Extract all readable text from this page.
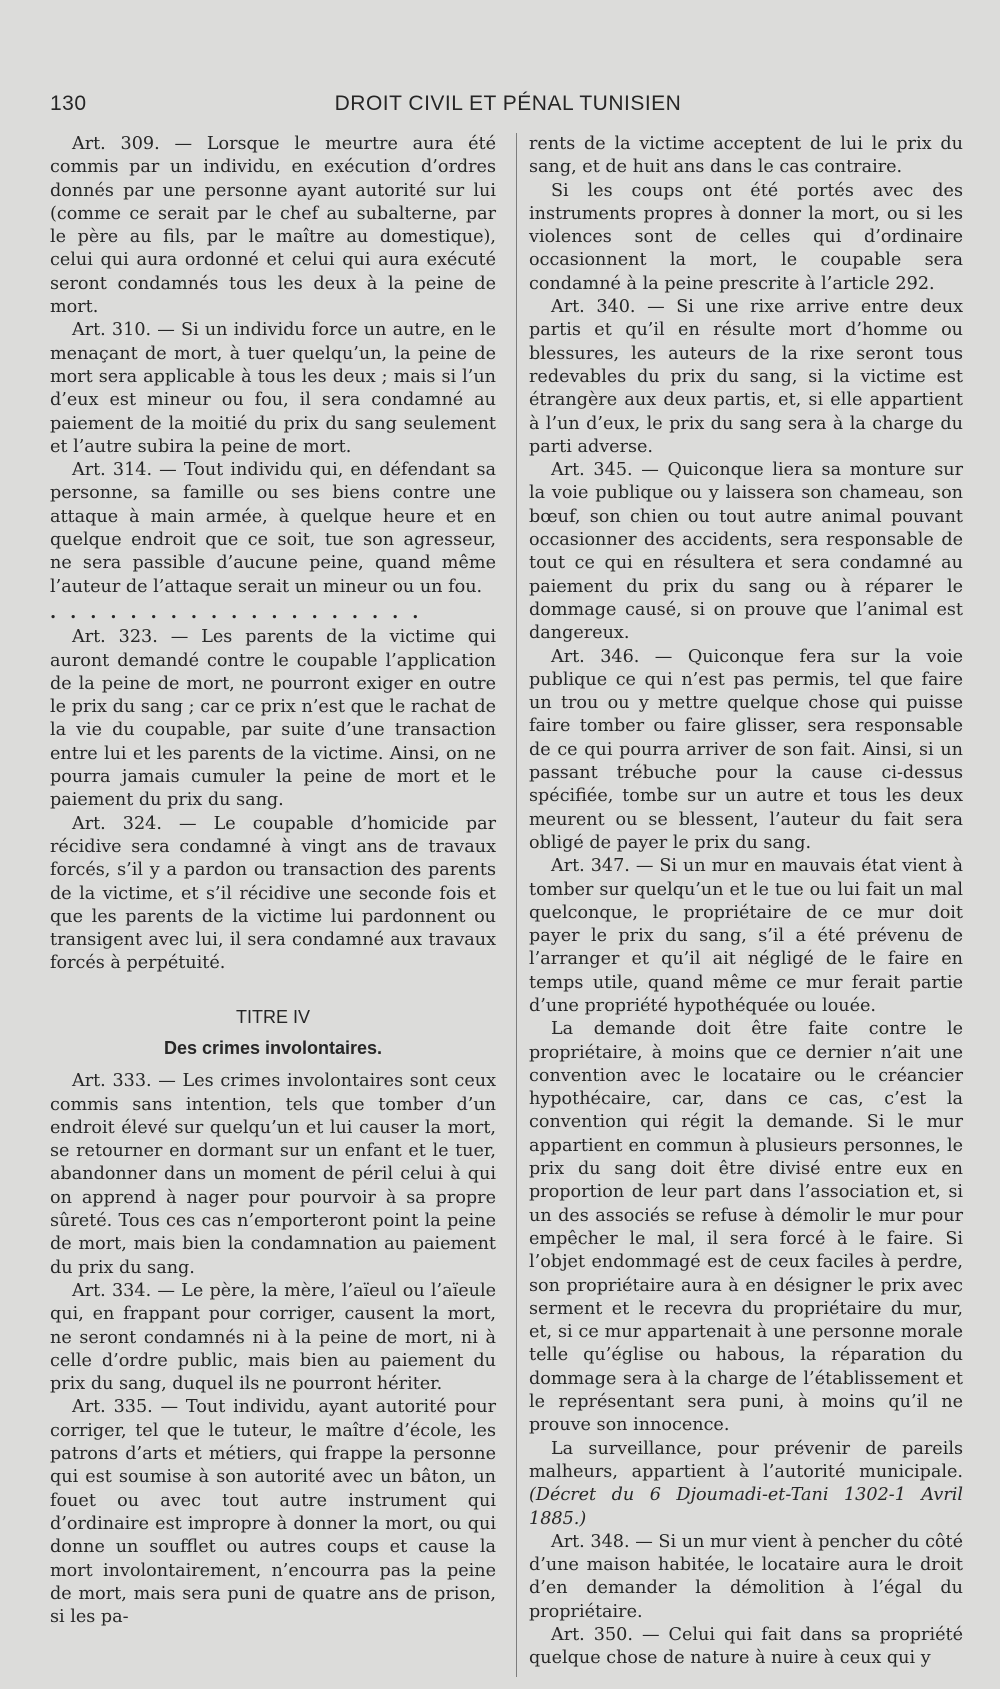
130	DROIT CIVIL ET PÉNAL TUNISIEN

Art. 309. — Lorsque le meurtre aura été commis par un individu, en exécution d’ordres donnés par une personne ayant autorité sur lui (comme ce serait par le chef au subalterne, par le père au fils, par le maître au domestique), celui qui aura ordonné et celui qui aura exécuté seront condamnés tous les deux à la peine de mort.

Art. 310. — Si un individu force un autre, en le menaçant de mort, à tuer quelqu’un, la peine de mort sera applicable à tous les deux ; mais si l’un d’eux est mineur ou fou, il sera condamné au paiement de la moitié du prix du sang seulement et l’autre subira la peine de mort.

Art. 314. — Tout individu qui, en défendant sa personne, sa famille ou ses biens contre une attaque à main armée, à quelque heure et en quelque endroit que ce soit, tue son agresseur, ne sera passible d’aucune peine, quand même l’auteur de l’attaque serait un mineur ou un fou.

...................

Art. 323. — Les parents de la victime qui auront demandé contre le coupable l’application de la peine de mort, ne pourront exiger en outre le prix du sang ; car ce prix n’est que le rachat de la vie du coupable, par suite d’une transaction entre lui et les parents de la victime. Ainsi, on ne pourra jamais cumuler la peine de mort et le paiement du prix du sang.

Art. 324. — Le coupable d’homicide par récidive sera condamné à vingt ans de travaux forcés, s’il y a pardon ou transaction des parents de la victime, et s’il récidive une seconde fois et que les parents de la victime lui pardonnent ou transigent avec lui, il sera condamné aux travaux forcés à perpétuité.

TITRE IV
Des crimes involontaires.

Art. 333. — Les crimes involontaires sont ceux commis sans intention, tels que tomber d’un endroit élevé sur quelqu’un et lui causer la mort, se retourner en dormant sur un enfant et le tuer, abandonner dans un moment de péril celui à qui on apprend à nager pour pourvoir à sa propre sûreté. Tous ces cas n’emporteront point la peine de mort, mais bien la condamnation au paiement du prix du sang.

Art. 334. — Le père, la mère, l’aïeul ou l’aïeule qui, en frappant pour corriger, causent la mort, ne seront condamnés ni à la peine de mort, ni à celle d’ordre public, mais bien au paiement du prix du sang, duquel ils ne pourront hériter.

Art. 335. — Tout individu, ayant autorité pour corriger, tel que le tuteur, le maître d’école, les patrons d’arts et métiers, qui frappe la personne qui est soumise à son autorité avec un bâton, un fouet ou avec tout autre instrument qui d’ordinaire est impropre à donner la mort, ou qui donne un soufflet ou autres coups et cause la mort involontairement, n’encourra pas la peine de mort, mais sera puni de quatre ans de prison, si les pa-

rents de la victime acceptent de lui le prix du sang, et de huit ans dans le cas contraire.

Si les coups ont été portés avec des instruments propres à donner la mort, ou si les violences sont de celles qui d’ordinaire occasionnent la mort, le coupable sera condamné à la peine prescrite à l’article 292.

Art. 340. — Si une rixe arrive entre deux partis et qu’il en résulte mort d’homme ou blessures, les auteurs de la rixe seront tous redevables du prix du sang, si la victime est étrangère aux deux partis, et, si elle appartient à l’un d’eux, le prix du sang sera à la charge du parti adverse.

Art. 345. — Quiconque liera sa monture sur la voie publique ou y laissera son chameau, son bœuf, son chien ou tout autre animal pouvant occasionner des accidents, sera responsable de tout ce qui en résultera et sera condamné au paiement du prix du sang ou à réparer le dommage causé, si on prouve que l’animal est dangereux.

Art. 346. — Quiconque fera sur la voie publique ce qui n’est pas permis, tel que faire un trou ou y mettre quelque chose qui puisse faire tomber ou faire glisser, sera responsable de ce qui pourra arriver de son fait. Ainsi, si un passant trébuche pour la cause ci-dessus spécifiée, tombe sur un autre et tous les deux meurent ou se blessent, l’auteur du fait sera obligé de payer le prix du sang.

Art. 347. — Si un mur en mauvais état vient à tomber sur quelqu’un et le tue ou lui fait un mal quelconque, le propriétaire de ce mur doit payer le prix du sang, s’il a été prévenu de l’arranger et qu’il ait négligé de le faire en temps utile, quand même ce mur ferait partie d’une propriété hypothéquée ou louée.

La demande doit être faite contre le propriétaire, à moins que ce dernier n’ait une convention avec le locataire ou le créancier hypothécaire, car, dans ce cas, c’est la convention qui régit la demande. Si le mur appartient en commun à plusieurs personnes, le prix du sang doit être divisé entre eux en proportion de leur part dans l’association et, si un des associés se refuse à démolir le mur pour empêcher le mal, il sera forcé à le faire. Si l’objet endommagé est de ceux faciles à perdre, son propriétaire aura à en désigner le prix avec serment et le recevra du propriétaire du mur, et, si ce mur appartenait à une personne morale telle qu’église ou habous, la réparation du dommage sera à la charge de l’établissement et le représentant sera puni, à moins qu’il ne prouve son innocence.

La surveillance, pour prévenir de pareils malheurs, appartient à l’autorité municipale. (Décret du 6 Djoumadi-et-Tani 1302-1 Avril 1885.)

Art. 348. — Si un mur vient à pencher du côté d’une maison habitée, le locataire aura le droit d’en demander la démolition à l’égal du propriétaire.

Art. 350. — Celui qui fait dans sa propriété quelque chose de nature à nuire à ceux qui y
